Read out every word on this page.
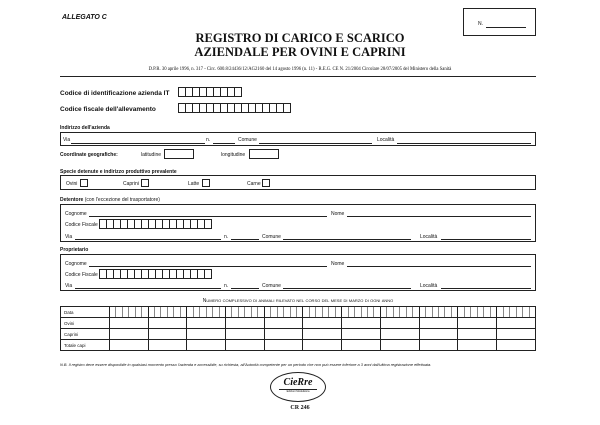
ALLEGATO C
N.
REGISTRO DI CARICO E SCARICO
AZIENDALE PER OVINI E CAPRINI
D.P.R. 30 aprile 1996, n. 317 - Circ. 600.8/24436/12/AG2160 del 14 agosto 1996 (n. 11) - R.E.G. CE N. 21/2004 Circolare 28/07/2005 del Ministero della Sanità
Codice di identificazione azienda IT
Codice fiscale dell'allevamento
Indirizzo dell'azienda
Via	n.	Comune	Località
Coordinate geografiche:	latitudine	longitudine
Specie detenute e indirizzo produttivo prevalente
Ovini	Caprini	Latte	Carne
Detentore (con l'eccezione del trasportatore)
Cognome	Nome
Codice Fiscale
Via	n.	Comune	Località
Proprietario
Cognome	Nome
Codice Fiscale
Via	n.	Comune	Località
Numero complessivo di animali rilevato nel corso del mese di marzo di ogni anno
Data	

Ovini											
Caprini											
Totale capi											
N.B. Il registro deve essere disponibile in qualsiasi momento presso l'azienda e accessibile, su richiesta, all'Autorità competente per un periodo che non può essere inferiore a 3 anni dall'ultima registrazione effettuata.
CieRre
Edizioni Modulistica
CR 246
